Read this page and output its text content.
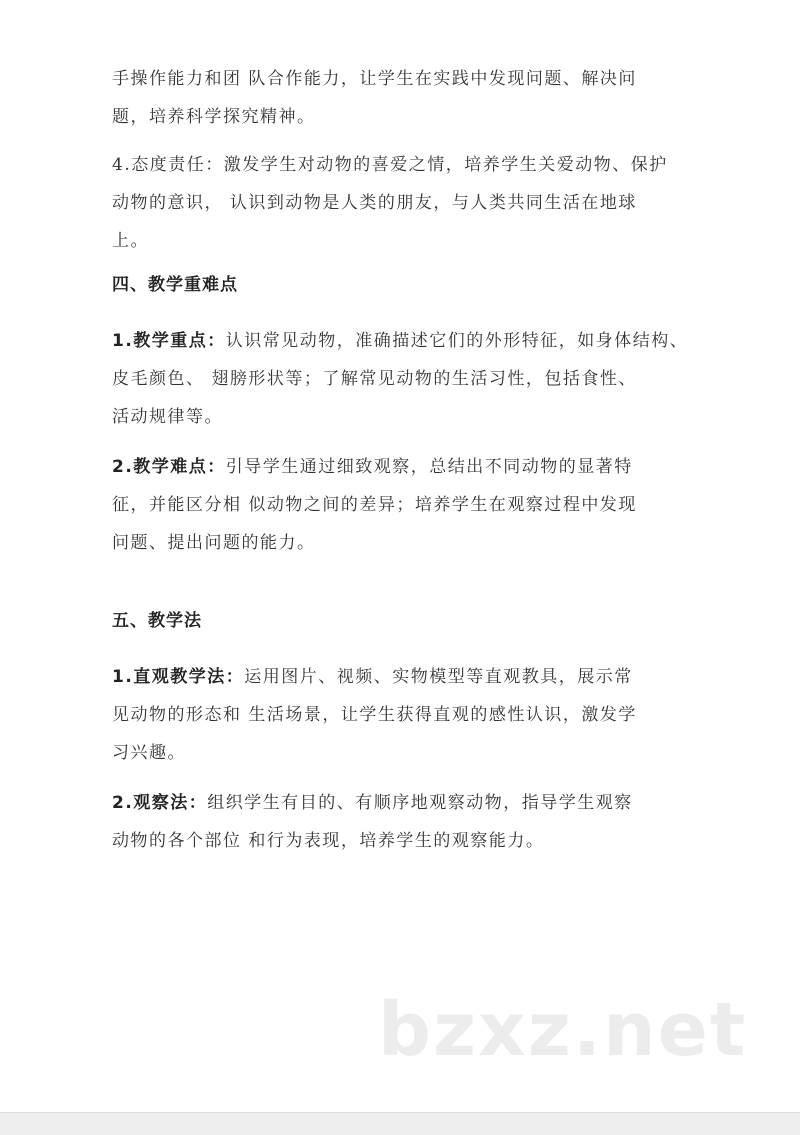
手操作能力和团 队合作能力，让学生在实践中发现问题、解决问
题，培养科学探究精神。
4.态度责任：激发学生对动物的喜爱之情，培养学生关爱动物、保护
动物的意识， 认识到动物是人类的朋友，与人类共同生活在地球
上。
四、教学重难点
1.教学重点：认识常见动物，准确描述它们的外形特征，如身体结构、
皮毛颜色、 翅膀形状等；了解常见动物的生活习性，包括食性、
活动规律等。
2.教学难点：引导学生通过细致观察，总结出不同动物的显著特
征，并能区分相 似动物之间的差异；培养学生在观察过程中发现
问题、提出问题的能力。
五、教学法
1.直观教学法：运用图片、视频、实物模型等直观教具，展示常
见动物的形态和 生活场景，让学生获得直观的感性认识，激发学
习兴趣。
2.观察法：组织学生有目的、有顺序地观察动物，指导学生观察
动物的各个部位 和行为表现，培养学生的观察能力。
bzxz.net
